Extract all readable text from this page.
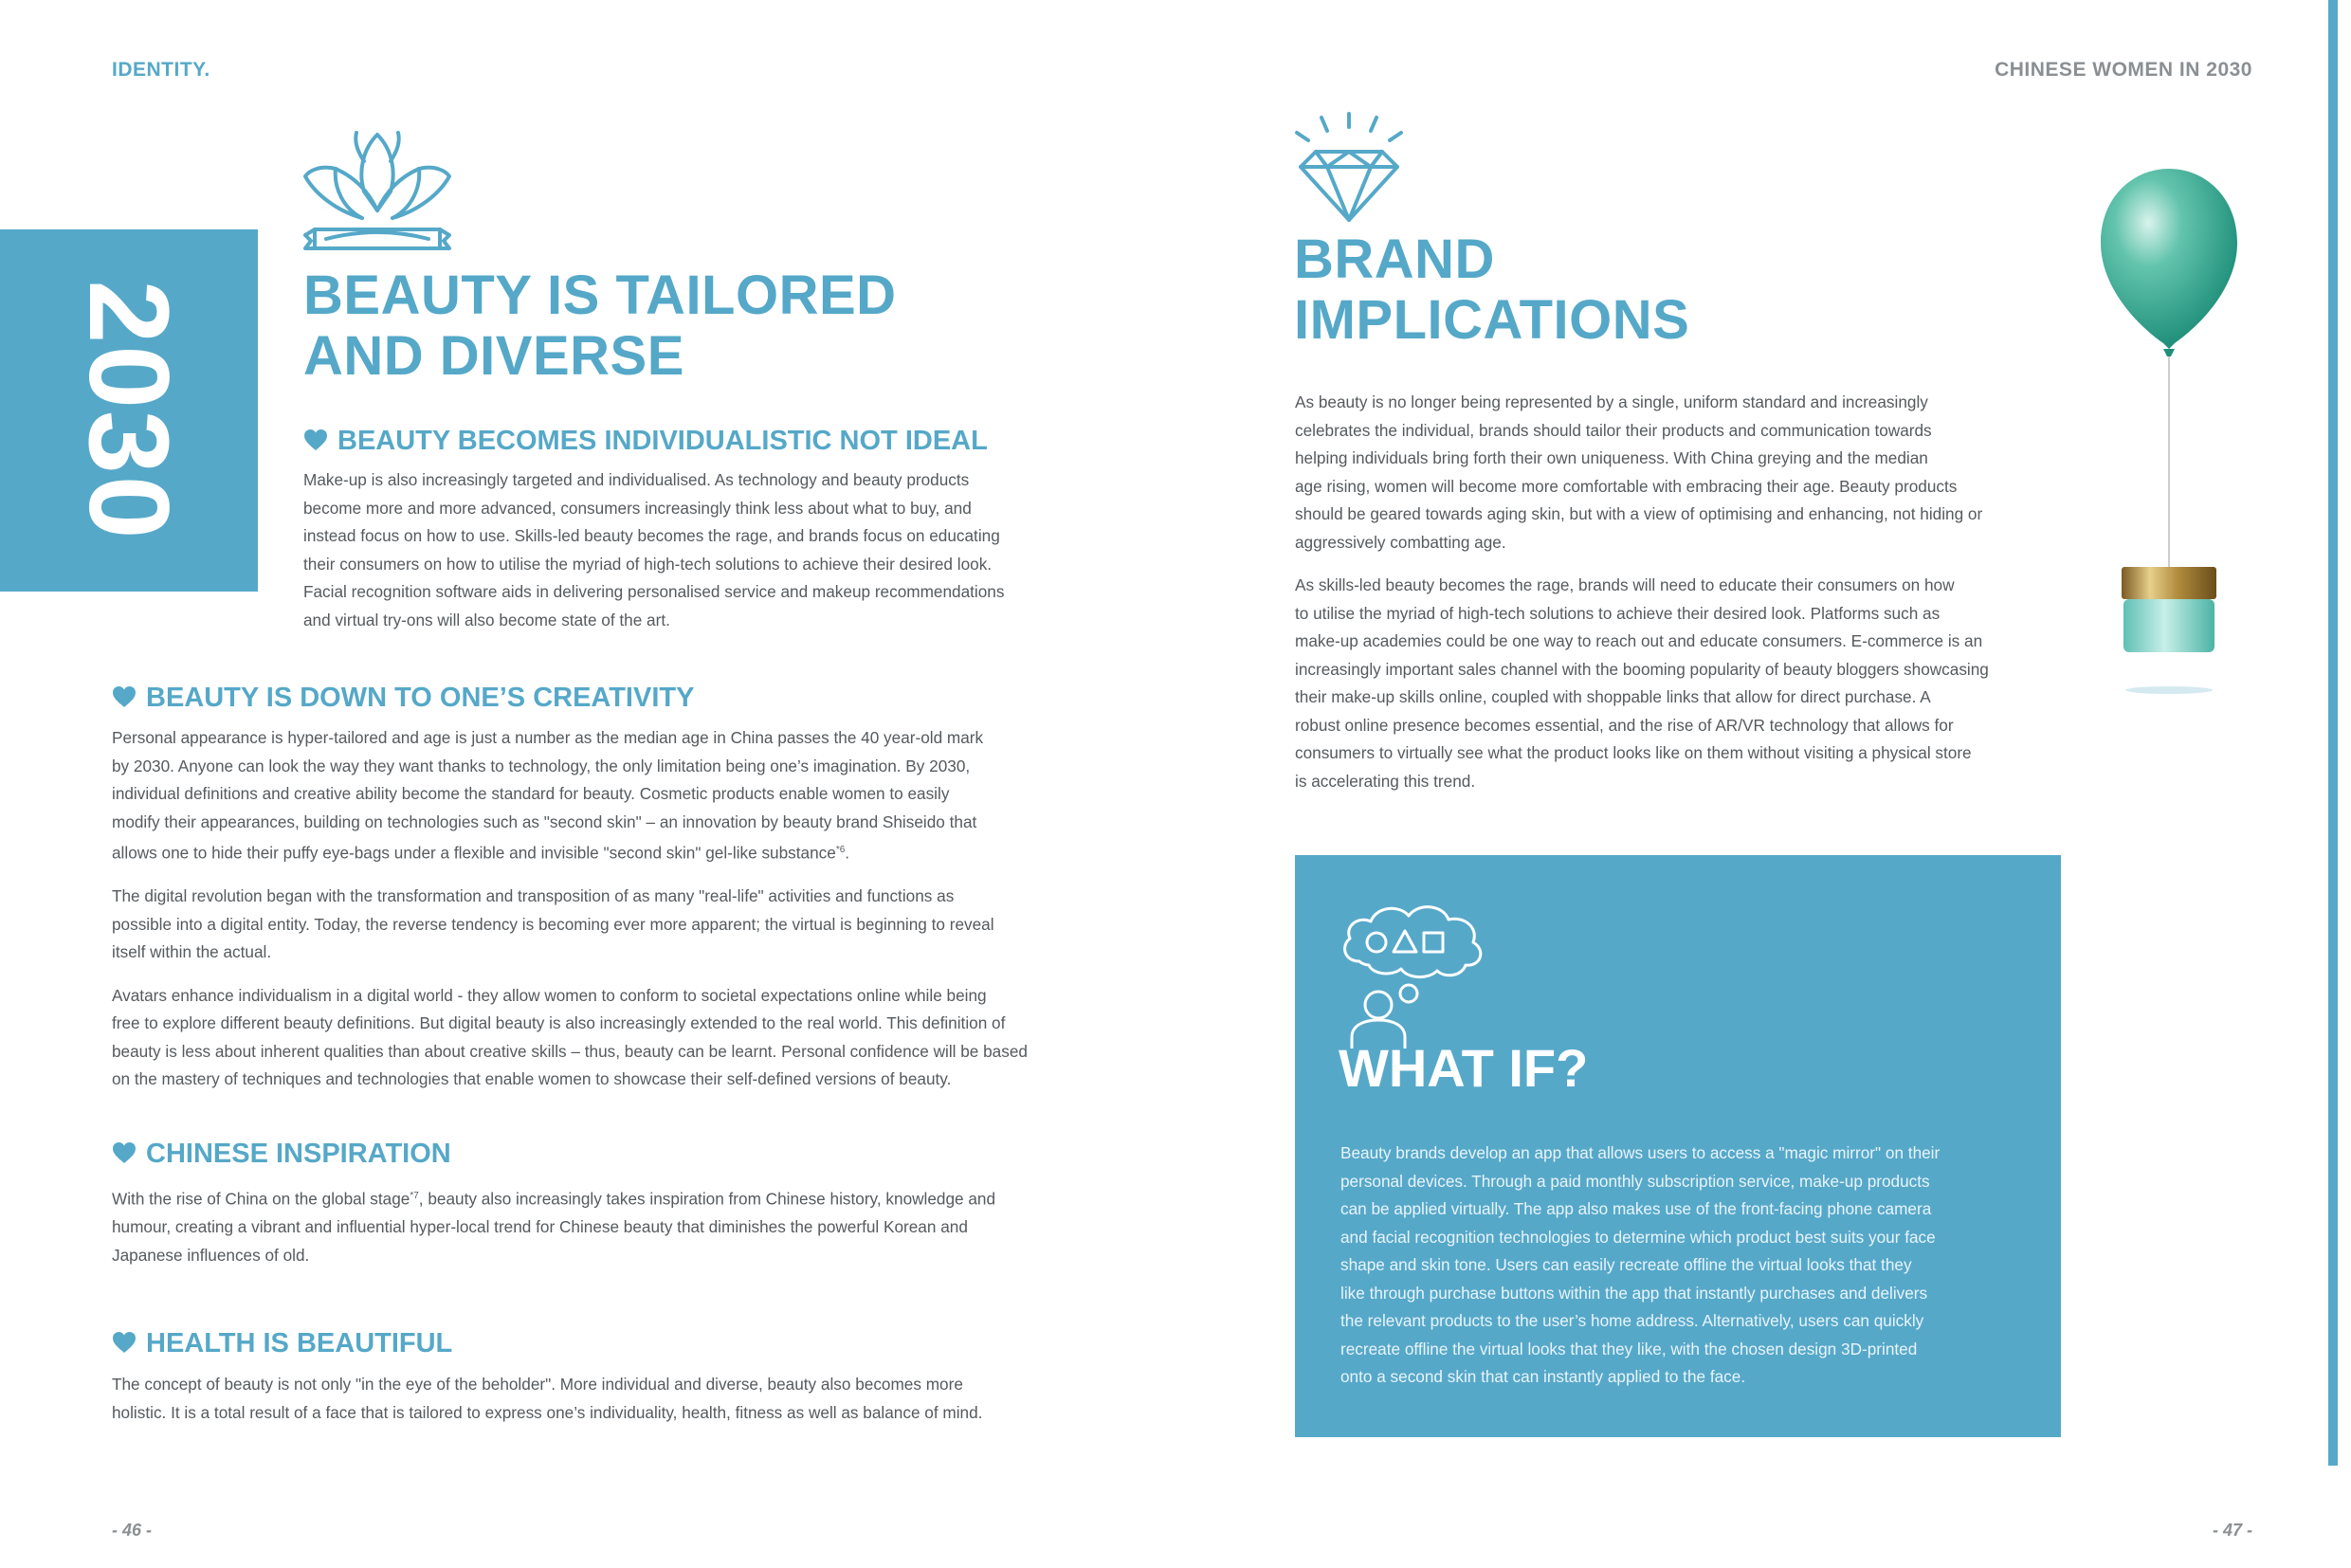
IDENTITY.	CHINESE WOMEN IN 2030
2030 BEAUTY IS TAILORED
AND DIVERSE
BEAUTY BECOMES INDIVIDUALISTIC NOT IDEAL

Make-up is also increasingly targeted and individualised. As technology and beauty products

become more and more advanced, consumers increasingly think less about what to buy, and

instead focus on how to use. Skills-led beauty becomes the rage, and brands focus on educating

their consumers on how to utilise the myriad of high-tech solutions to achieve their desired look.

Facial recognition software aids in delivering personalised service and makeup recommendations

and virtual try-ons will also become state of the art.

BEAUTY IS DOWN TO ONE’S CREATIVITY

Personal appearance is hyper-tailored and age is just a number as the median age in China passes the 40 year-old mark

by 2030. Anyone can look the way they want thanks to technology, the only limitation being one’s imagination. By 2030,

individual definitions and creative ability become the standard for beauty. Cosmetic products enable women to easily

modify their appearances, building on technologies such as "second skin" – an innovation by beauty brand Shiseido that

allows one to hide their puffy eye-bags under a flexible and invisible "second skin" gel-like substance$^{*6}$.

The digital revolution began with the transformation and transposition of as many "real-life" activities and functions as

possible into a digital entity. Today, the reverse tendency is becoming ever more apparent; the virtual is beginning to reveal

itself within the actual.

Avatars enhance individualism in a digital world - they allow women to conform to societal expectations online while being

free to explore different beauty definitions. But digital beauty is also increasingly extended to the real world. This definition of

beauty is less about inherent qualities than about creative skills – thus, beauty can be learnt. Personal confidence will be based

on the mastery of techniques and technologies that enable women to showcase their self-defined versions of beauty.

CHINESE INSPIRATION

With the rise of China on the global stage$^{*7}$, beauty also increasingly takes inspiration from Chinese history, knowledge and

humour, creating a vibrant and influential hyper-local trend for Chinese beauty that diminishes the powerful Korean and

Japanese influences of old.

HEALTH IS BEAUTIFUL

The concept of beauty is not only "in the eye of the beholder". More individual and diverse, beauty also becomes more

holistic. It is a total result of a face that is tailored to express one’s individuality, health, fitness as well as balance of mind.

- 46 -	- 47 -
BRAND
IMPLICATIONS

As beauty is no longer being represented by a single, uniform standard and increasingly

celebrates the individual, brands should tailor their products and communication towards

helping individuals bring forth their own uniqueness. With China greying and the median

age rising, women will become more comfortable with embracing their age. Beauty products

should be geared towards aging skin, but with a view of optimising and enhancing, not hiding or

aggressively combatting age.

As skills-led beauty becomes the rage, brands will need to educate their consumers on how

to utilise the myriad of high-tech solutions to achieve their desired look. Platforms such as

make-up academies could be one way to reach out and educate consumers. E-commerce is an

increasingly important sales channel with the booming popularity of beauty bloggers showcasing

their make-up skills online, coupled with shoppable links that allow for direct purchase. A

robust online presence becomes essential, and the rise of AR/VR technology that allows for

consumers to virtually see what the product looks like on them without visiting a physical store

is accelerating this trend.

WHAT IF?

Beauty brands develop an app that allows users to access a "magic mirror" on their

personal devices. Through a paid monthly subscription service, make-up products

can be applied virtually. The app also makes use of the front-facing phone camera

and facial recognition technologies to determine which product best suits your face

shape and skin tone. Users can easily recreate offline the virtual looks that they

like through purchase buttons within the app that instantly purchases and delivers

the relevant products to the user’s home address. Alternatively, users can quickly

recreate offline the virtual looks that they like, with the chosen design 3D-printed

onto a second skin that can instantly applied to the face.
